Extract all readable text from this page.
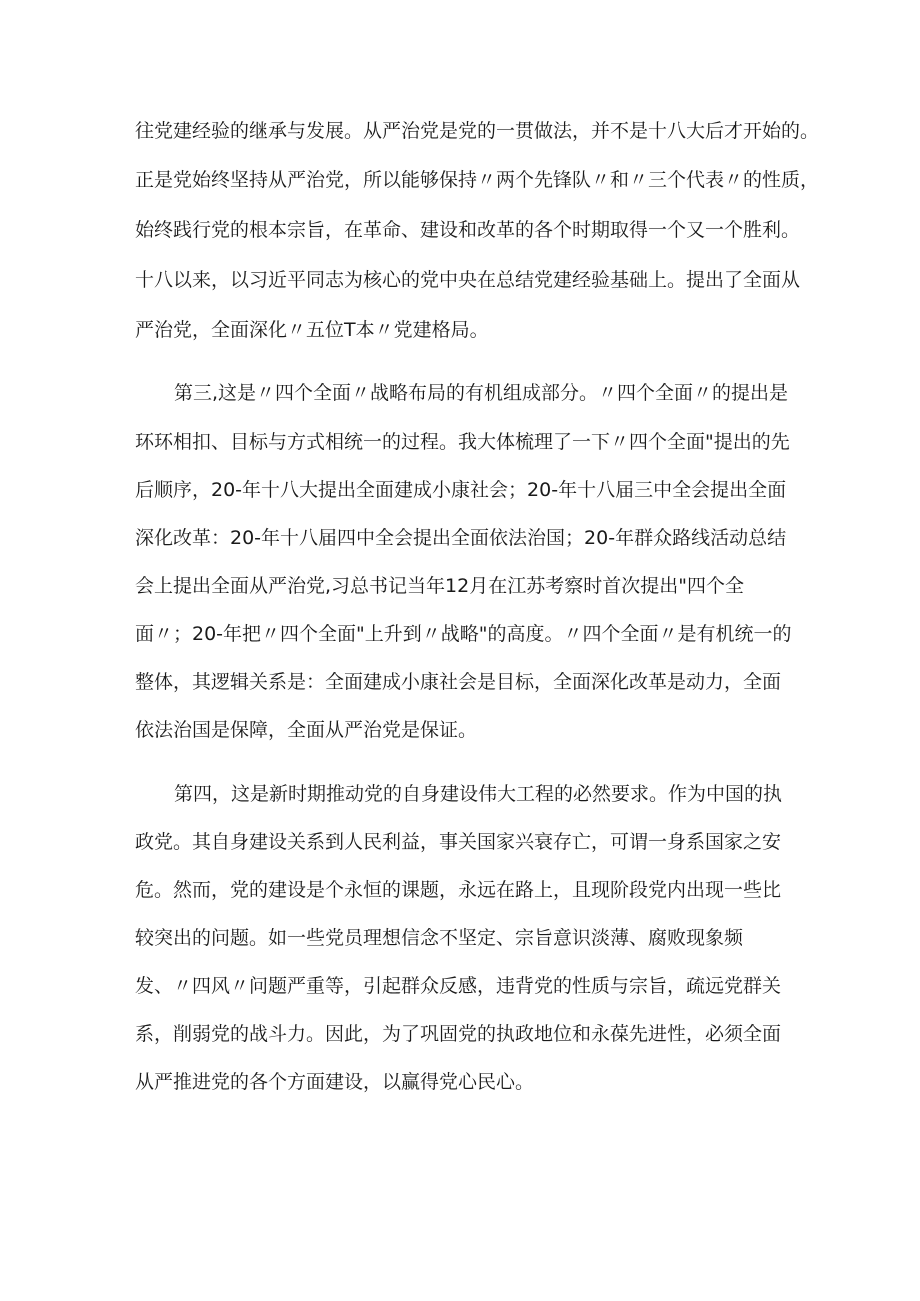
往党建经验的继承与发展。从严治党是党的一贯做法，并不是十八大后才开始的。
正是党始终坚持从严治党，所以能够保持〃两个先锋队〃和〃三个代表〃的性质，
始终践行党的根本宗旨，在革命、建设和改革的各个时期取得一个又一个胜利。
十八以来，以习近平同志为核心的党中央在总结党建经验基础上。提出了全面从
严治党，全面深化〃五位T本〃党建格局。
第三,这是〃四个全面〃战略布局的有机组成部分。〃四个全面〃的提出是
环环相扣、目标与方式相统一的过程。我大体梳理了一下〃四个全面"提出的先
后顺序，20-年十八大提出全面建成小康社会；20-年十八届三中全会提出全面
深化改革：20-年十八届四中全会提出全面依法治国；20-年群众路线活动总结
会上提出全面从严治党,习总书记当年12月在江苏考察时首次提出"四个全
面〃；20-年把〃四个全面"上升到〃战略"的高度。〃四个全面〃是有机统一的
整体，其逻辑关系是：全面建成小康社会是目标，全面深化改革是动力，全面
依法治国是保障，全面从严治党是保证。
第四，这是新时期推动党的自身建设伟大工程的必然要求。作为中国的执
政党。其自身建设关系到人民利益，事关国家兴衰存亡，可谓一身系国家之安
危。然而，党的建设是个永恒的课题，永远在路上，且现阶段党内出现一些比
较突出的问题。如一些党员理想信念不坚定、宗旨意识淡薄、腐败现象频
发、〃四风〃问题严重等，引起群众反感，违背党的性质与宗旨，疏远党群关
系，削弱党的战斗力。因此，为了巩固党的执政地位和永葆先进性，必须全面
从严推进党的各个方面建设，以赢得党心民心。
